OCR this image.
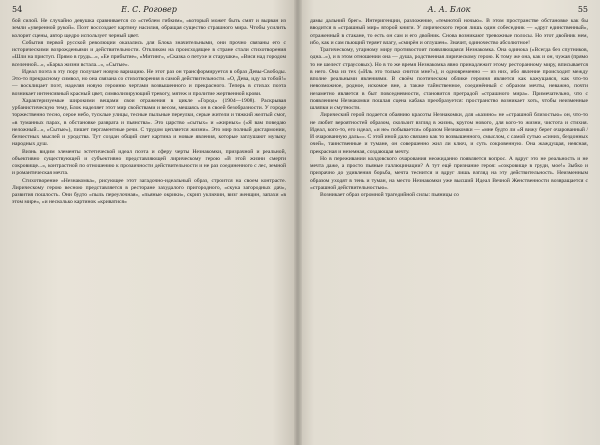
54	Е. С. Роговер

бой силой. Не случайно девушка сравнивается со «стеблем гибким», «который может быть смят и вырван из земли «уверенной рукой». Поэт воссоздает картину насилия, обращая существо страшного мира. Чтобы усилить колорит сцены, автор щедро использует черный цвет.

События первой русской революции оказались для Блока значительными, они прочно связаны его с историческими возрожденьями и действительности. Откликом на происходящее в стране стали стихотворения «Шли на приступ. Прямо в грудь...», «Ее прибытие», «Митинг», «Сказка о петухе и старушке», «Вися над городом вселенной...», «Барка жизни встала...», «Сытые».

Идеал поэта в эту пору получает новую вариацию. Не этот раз он трансформируется в образ Девы-Свободы. Это-то прекрасному символ, но она связана со стихотворения в самой действительности. «О, Дева, иду за тобой!» — восклицает поэт, наделяя новую героиню чертами возвышенного и прекрасного. Теперь в стихах поэта возникает интенсивный красный цвет, символизирующий тревогу, мятеж и пролитие жертвенной крови.

Характеризуемые широкими вещами свои отражения в цикле «Город» (1904—1908). Раскрывая урбанистическую тему, Блок наделяет этот мир свойствами и весом, мешаясь он в своей безобразности. У городе торжественно тесно, серое небо, тусклые улицы, тесные пыльные переулки, серые жители и тяжкий желтый смог, «в туманных парах, в обстановке разврата и пьянства». Это царство «сытых» и «жирных» («Я вам поведаю неложный...», «Сытые»), пишет пергаментные речи. С трудом цепляется жизни». Это мир полный дисгармонии, безчестных мыслей и уродства. Тут создан общий свет картина и новые явления, которые заглушают музыку народных душ.

Визнь видим элементы эстетической идеал поэта и сферу черты Незнакомки, призрачной и реальной, объективно существующей и субъективно представляющей лирическому герою «В этой жизни смерти сокровище...», контрастной по отношению к прозаичности действительности и не раз соединенного с лес, земной и романтическая мечта.

Стихотворение «Незнакомка», рисующее этот загадочно-идеальный образ, строится на своем контрасте. Лирическому герою весною представляется в ресторане захудалого пригородного, «скука загородных дач», развития пошлость. Они будто «пыль переулочная», «пьяные окрики», скрип уключин, визг женщин, запахи «в этом мире», «и несколько картинок «криватися»

А. А. Блок	55

дамы дальний брег». Интеригенции, разложение, «темнотой ночью». В этом пространстве обстановке как бы вводится в «страшный мир» второй книги. У лирического героя лишь один собеседник — «друг единственный», отраженный в стакане, то есть он сам и его двойник. Снова возникают тревожные полосы. Но этот двойник нем, ибо, как и сам пьющий теряет влагу, «смирён и оглушен». Значит, одиночество абсолютное!

Трагическому, угарному миру противостоит появляющаяся Незнакомка. Она одинока («Всегда без спутников, одна...»), и в этом отношении она — душа, родственная лирическому герою. К тому же она, как и он, чужая (прямо то не шелест страусовых). Но в то же время Незнакомка явно принадлежит этому ресторанному миру, вписывается в него. Она из тех («Иль это только снится мне?»), и одновременно — из них, ибо явление происходит между вполне реальными явлениями. В своём поэтическом облике героиня является как кажущаяся, как что-то невозможное, родное, искомое вне, а также тайнственное, соединённый с образом мечты, неважно, почти незаметно является в быт повседневности, становится преградой «страшного мира». Примечательно, что с появлением Незнакомки пошлая сцена кабака преобразуется: пространство возникает хоть, чтобы неизменные шляпки и смутности.

Лирический герой подается обаянию красоты Незнакомки, для «казино» не «страшной близостью» он, что-то не любит вероятностей образом, скользит взгляд в жизнь, кругом нового, для кого-то жизни, чистота и стихия. Идеал, кого-то, его идеал, «и не» побывается» образом Незнакомки — «мне будто ли «Я вижу берег очарованный / И очарованную даль»». С этой иной дало связано как то возвышенного, смыслом, с самой сутью «синих, бездонных очей», таинственные и тумане, он совершенно жил ли ключ, и суть сокровенную. Она жаждущая, неясная, прекрасная и неземная, создающая мечту.

Но в переживании колдовского очарования неожиданно появляется вопрос. А вдруг это не реальность и не мечта даже, а просто пьяные галлюцинации? А тут ещё признание героя: «сокровище в груди, мое!» Зыбко и призрачно до удивления борьба, мечта теснится и вдруг лишь взгляд на эту действительность. Неизменным образом уходят в тень и туман, на место Незнакомки уже высший Идеал Вечной Женственности возвращается с «страшной действительностью».

Возникает образ огромной трагедийной силы: пьяницы со
